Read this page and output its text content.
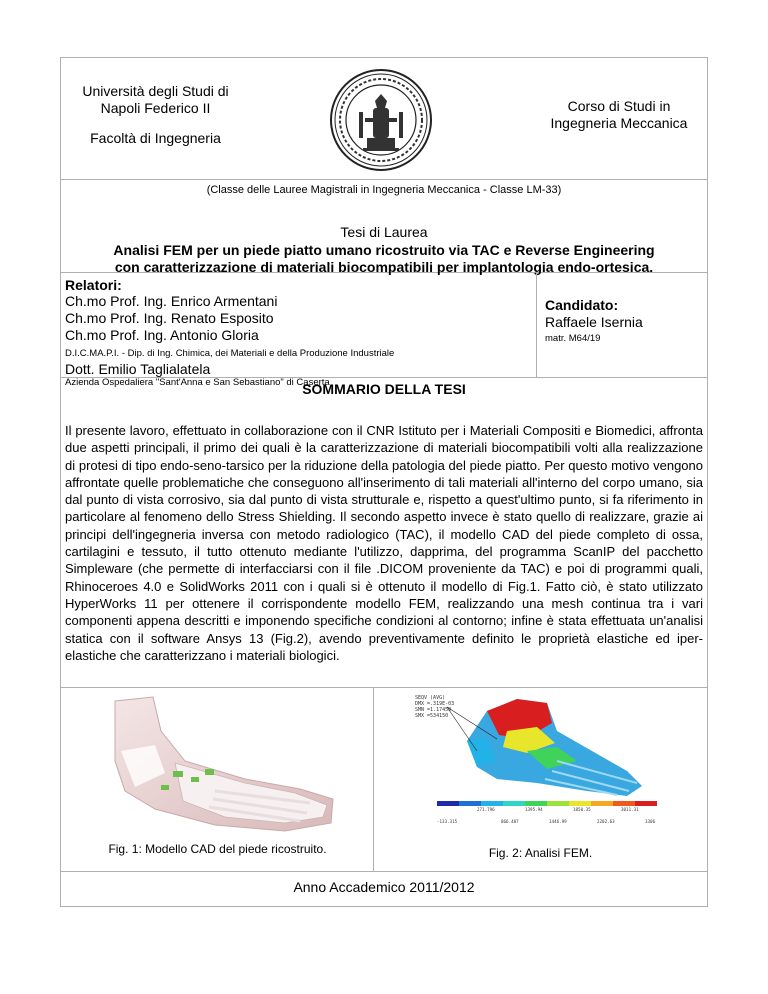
Università degli Studi di
Napoli Federico II
Facoltà di Ingegneria
Corso di Studi in
Ingegneria Meccanica
(Classe delle Lauree Magistrali in Ingegneria Meccanica - Classe LM-33)
Tesi di Laurea
Analisi FEM per un piede piatto umano ricostruito via TAC e Reverse Engineering
con caratterizzazione di materiali biocompatibili per implantologia endo-ortesica.
Relatori:
Ch.mo Prof. Ing. Enrico Armentani
Ch.mo Prof. Ing. Renato Esposito
Ch.mo Prof. Ing. Antonio Gloria
D.I.C.MA.P.I. - Dip. di Ing. Chimica, dei Materiali e della Produzione Industriale
Dott. Emilio Taglialatela
Azienda Ospedaliera "Sant'Anna e San Sebastiano" di Caserta
Candidato:
Raffaele Isernia
matr. M64/19
SOMMARIO DELLA TESI
Il presente lavoro, effettuato in collaborazione con il CNR Istituto per i Materiali Compositi e Biomedici, affronta due aspetti principali, il primo dei quali è la caratterizzazione di materiali biocompatibili volti alla realizzazione di protesi di tipo endo-seno-tarsico per la riduzione della patologia del piede piatto. Per questo motivo vengono affrontate quelle problematiche che conseguono all'inserimento di tali materiali all'interno del corpo umano, sia dal punto di vista corrosivo, sia dal punto di vista strutturale e, rispetto a quest'ultimo punto, si fa riferimento in particolare al fenomeno dello Stress Shielding. Il secondo aspetto invece è stato quello di realizzare, grazie ai principi dell'ingegneria inversa con metodo radiologico (TAC), il modello CAD del piede completo di ossa, cartilagini e tessuto, il tutto ottenuto mediante l'utilizzo, dapprima, del programma ScanIP del pacchetto Simpleware (che permette di interfacciarsi con il file .DICOM proveniente da TAC) e poi di programmi quali, Rhinoceroes 4.0 e SolidWorks 2011 con i quali si è ottenuto il modello di Fig.1. Fatto ciò, è stato utilizzato HyperWorks 11 per ottenere il corrispondente modello FEM, realizzando una mesh continua tra i vari componenti appena descritti e imponendo specifiche condizioni al contorno; infine è stata effettuata un'analisi statica con il software Ansys 13 (Fig.2), avendo preventivamente definito le proprietà elastiche ed iper-elastiche che caratterizzano i materiali biologici.
Fig. 1: Modello CAD del piede ricostruito.
SEQV (AVG)
DMX =.319E-03
SMN =1.17459
SMX =534150
271.796	1395.94	1850.35	3011.31
-133.315	866.487	1446.99	2202.63	3306
Fig. 2: Analisi FEM.
Anno Accademico 2011/2012
